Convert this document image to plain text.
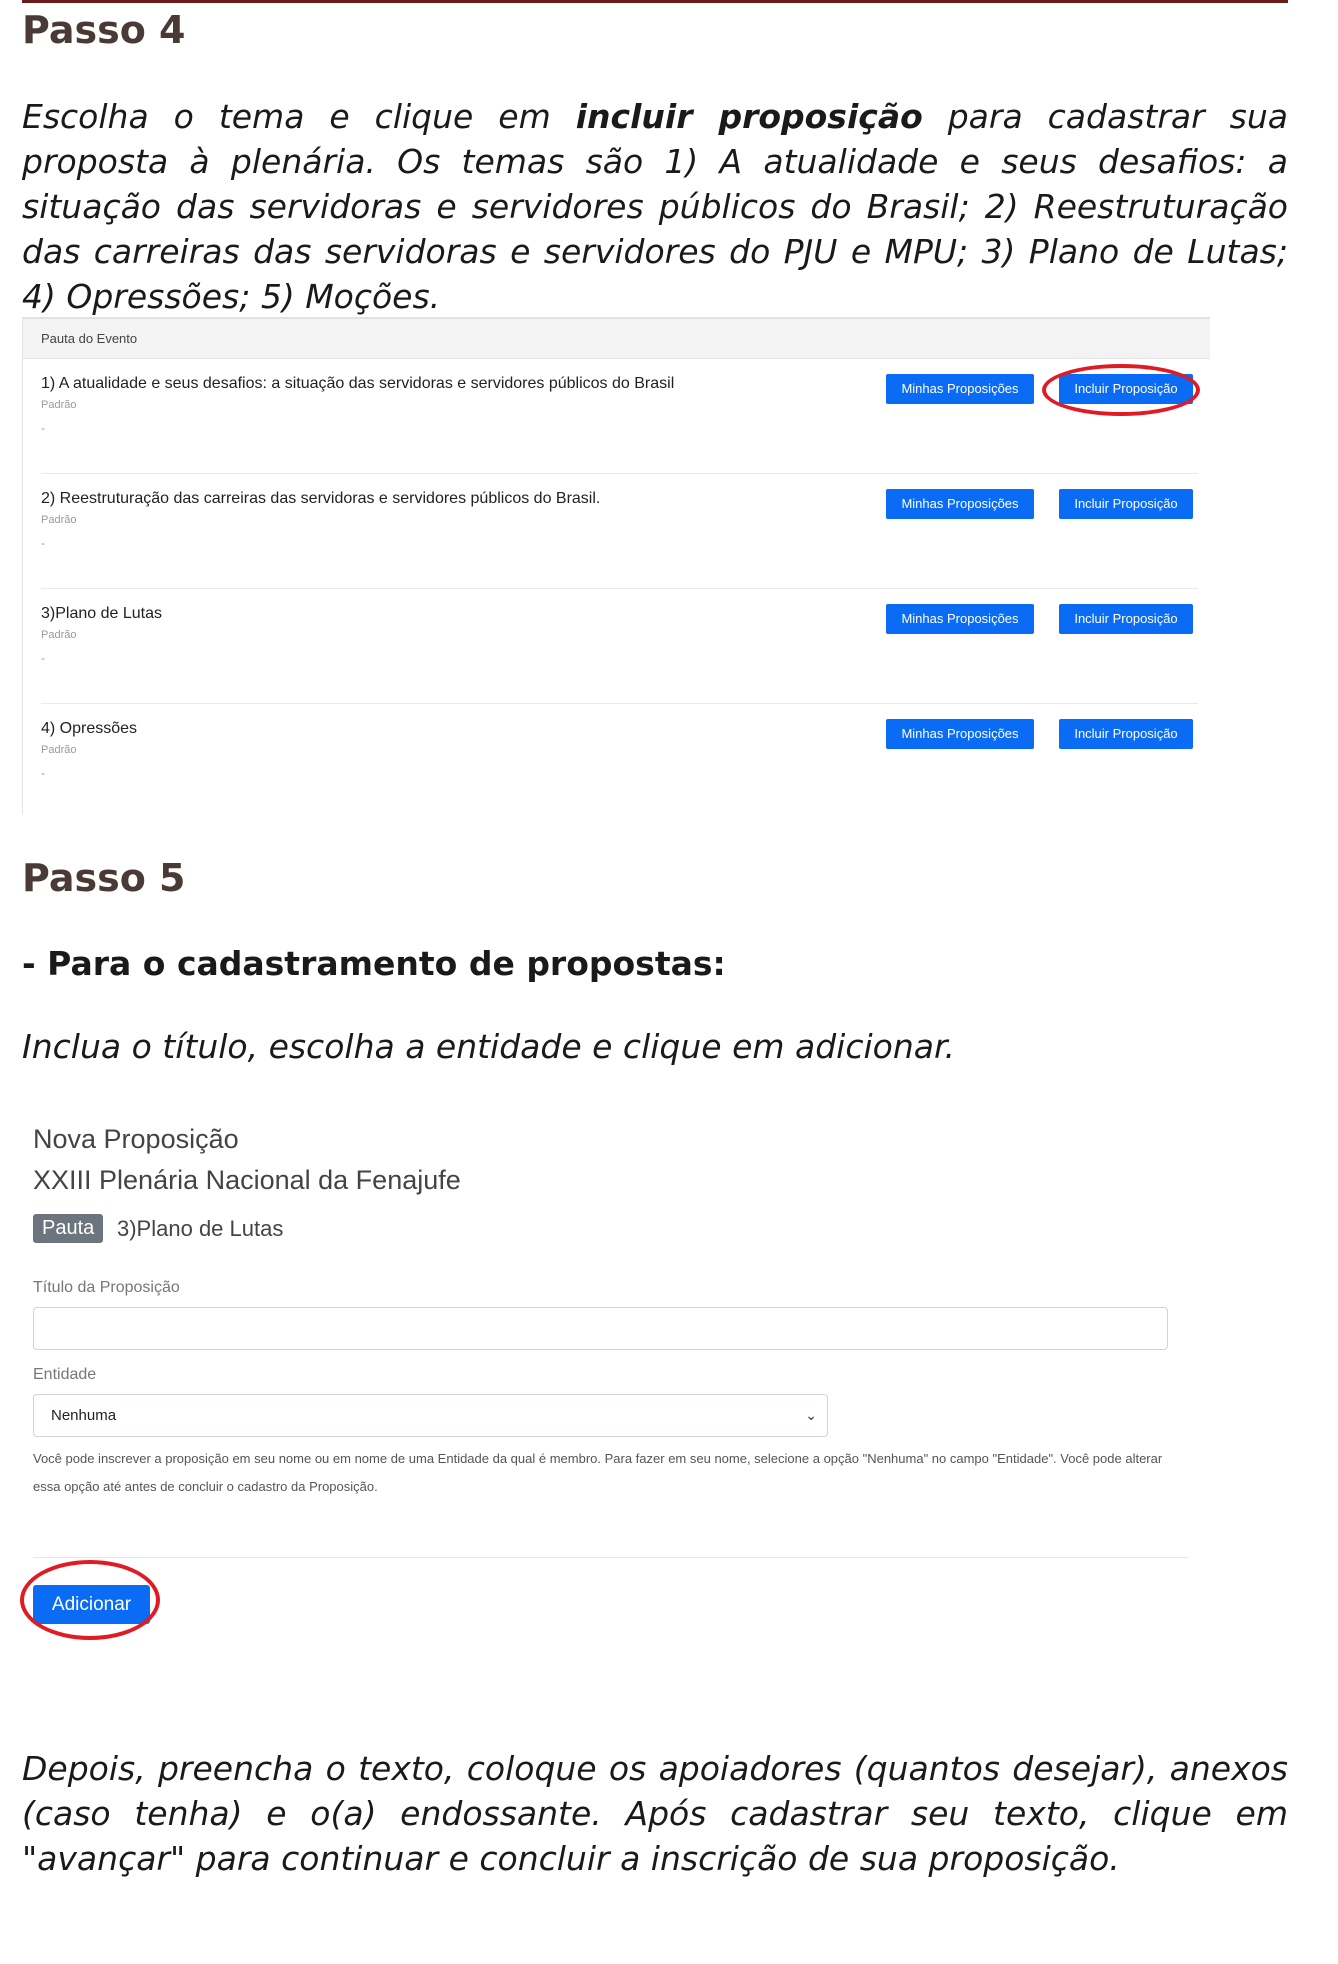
Passo 4
Escolha o tema e clique em incluir proposição para cadastrar sua proposta à plenária. Os temas são 1) A atualidade e seus desafios: a situação das servidoras e servidores públicos do Brasil; 2) Reestruturação das carreiras das servidoras e servidores do PJU e MPU; 3) Plano de Lutas; 4) Opressões; 5) Moções.
Pauta do Evento
1) A atualidade e seus desafios: a situação das servidoras e servidores públicos do Brasil
Padrão
-
Minhas Proposições	Incluir Proposição
2) Reestruturação das carreiras das servidoras e servidores públicos do Brasil.
Padrão
-
Minhas Proposições	Incluir Proposição
3)Plano de Lutas
Padrão
-
Minhas Proposições	Incluir Proposição
4) Opressões
Padrão
-
Minhas Proposições	Incluir Proposição
Passo 5
- Para o cadastramento de propostas:
Inclua o título, escolha a entidade e clique em adicionar.
Nova Proposição
XXIII Plenária Nacional da Fenajufe
Pauta	3)Plano de Lutas
Título da Proposição
Entidade
Nenhuma	⌄
Você pode inscrever a proposição em seu nome ou em nome de uma Entidade da qual é membro. Para fazer em seu nome, selecione a opção "Nenhuma" no campo "Entidade". Você pode alterar essa opção até antes de concluir o cadastro da Proposição.
Adicionar
Depois, preencha o texto, coloque os apoiadores (quantos desejar), anexos (caso tenha) e o(a) endossante. Após cadastrar seu texto, clique em "avançar" para continuar e concluir a inscrição de sua proposição.
